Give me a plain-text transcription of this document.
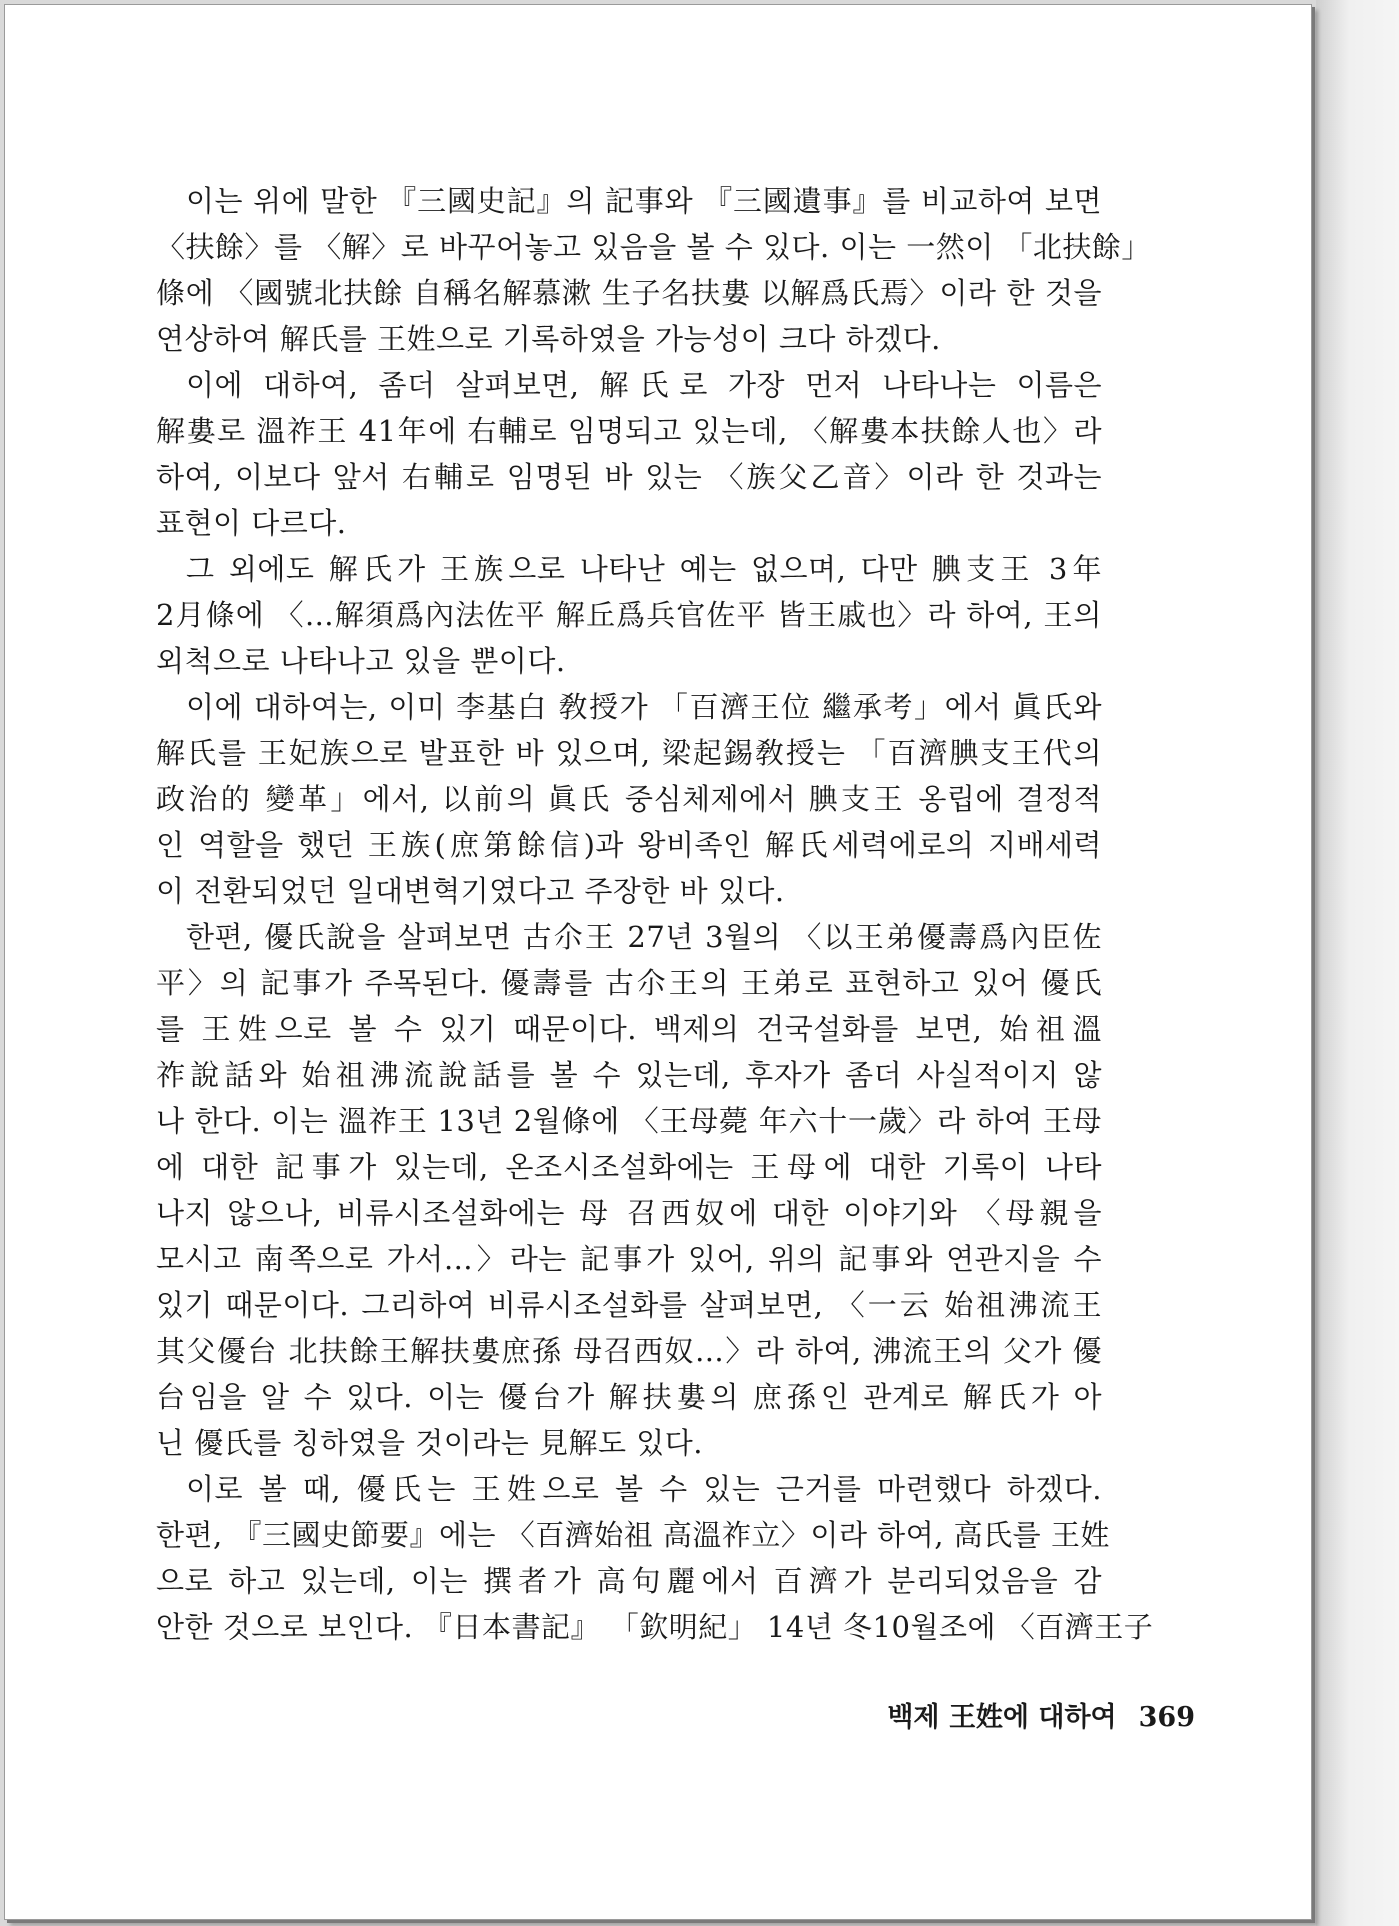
이는 위에 말한 『三國史記』의 記事와 『三國遺事』를 비교하여 보면
〈扶餘〉를 〈解〉로 바꾸어놓고 있음을 볼 수 있다. 이는 一然이 「北扶餘」
條에 〈國號北扶餘 自稱名解慕漱 生子名扶婁 以解爲氏焉〉이라 한 것을
연상하여 解氏를 王姓으로 기록하였을 가능성이 크다 하겠다.
이에 대하여, 좀더 살펴보면, 解氏로 가장 먼저 나타나는 이름은
解婁로 溫祚王 41年에 右輔로 임명되고 있는데, 〈解婁本扶餘人也〉라
하여, 이보다 앞서 右輔로 임명된 바 있는 〈族父乙音〉이라 한 것과는
표현이 다르다.
그 외에도 解氏가 王族으로 나타난 예는 없으며, 다만 腆支王 3年
2月條에 〈…解須爲內法佐平 解丘爲兵官佐平 皆王戚也〉라 하여, 王의
외척으로 나타나고 있을 뿐이다.
이에 대하여는, 이미 李基白 敎授가 「百濟王位 繼承考」에서 眞氏와
解氏를 王妃族으로 발표한 바 있으며, 梁起錫敎授는 「百濟腆支王代의
政治的 變革」에서, 以前의 眞氏 중심체제에서 腆支王 옹립에 결정적
인 역할을 했던 王族(庶第餘信)과 왕비족인 解氏세력에로의 지배세력
이 전환되었던 일대변혁기였다고 주장한 바 있다.
한편, 優氏說을 살펴보면 古尒王 27년 3월의 〈以王弟優壽爲內臣佐
平〉의 記事가 주목된다. 優壽를 古尒王의 王弟로 표현하고 있어 優氏
를 王姓으로 볼 수 있기 때문이다. 백제의 건국설화를 보면, 始祖溫
祚說話와 始祖沸流說話를 볼 수 있는데, 후자가 좀더 사실적이지 않
나 한다. 이는 溫祚王 13년 2월條에 〈王母薨 年六十一歲〉라 하여 王母
에 대한 記事가 있는데, 온조시조설화에는 王母에 대한 기록이 나타
나지 않으나, 비류시조설화에는 母 召西奴에 대한 이야기와 〈母親을
모시고 南쪽으로 가서…〉라는 記事가 있어, 위의 記事와 연관지을 수
있기 때문이다. 그리하여 비류시조설화를 살펴보면, 〈一云 始祖沸流王
其父優台 北扶餘王解扶婁庶孫 母召西奴…〉라 하여, 沸流王의 父가 優
台임을 알 수 있다. 이는 優台가 解扶婁의 庶孫인 관계로 解氏가 아
닌 優氏를 칭하였을 것이라는 見解도 있다.
이로 볼 때, 優氏는 王姓으로 볼 수 있는 근거를 마련했다 하겠다.
한편, 『三國史節要』에는 〈百濟始祖 高溫祚立〉이라 하여, 高氏를 王姓
으로 하고 있는데, 이는 撰者가 高句麗에서 百濟가 분리되었음을 감
안한 것으로 보인다. 『日本書記』 「欽明紀」 14년 冬10월조에 〈百濟王子
백제 王姓에 대하여 369
